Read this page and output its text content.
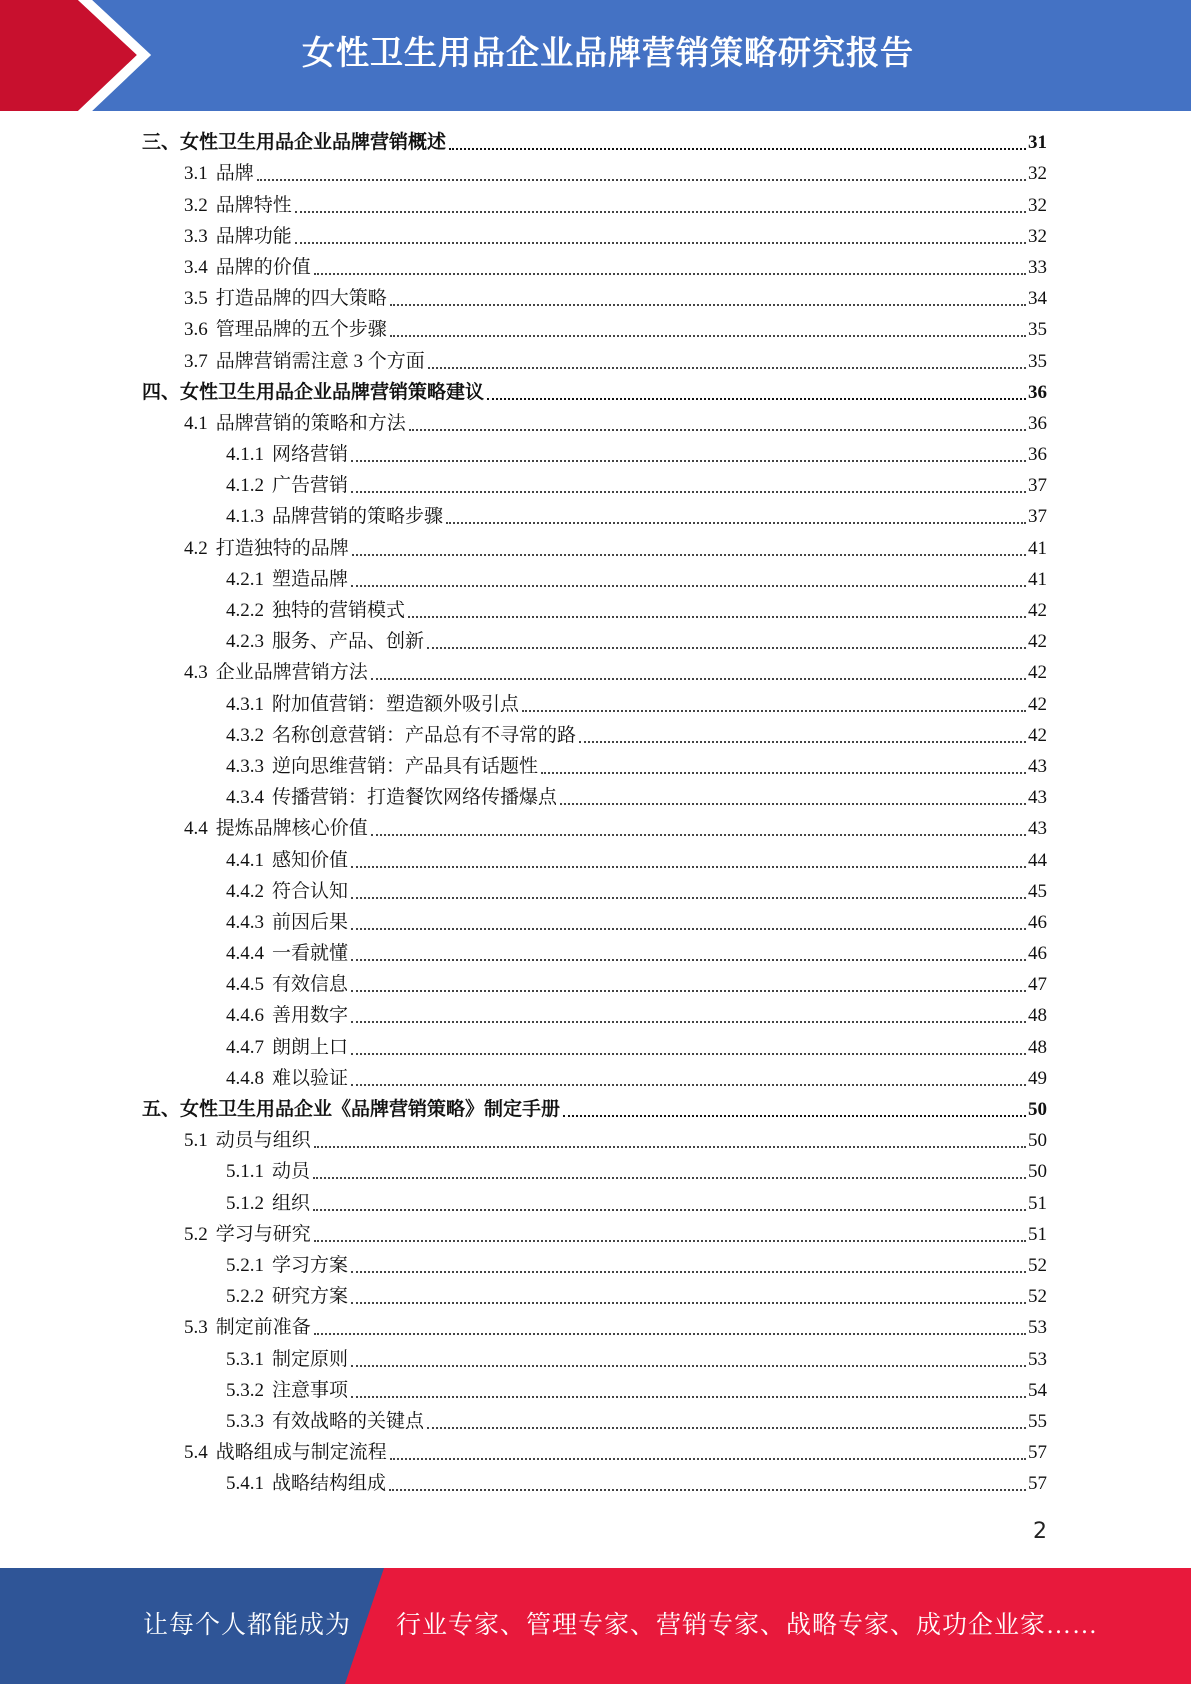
女性卫生用品企业品牌营销策略研究报告
三、女性卫生用品企业品牌营销概述	31
3.1 品牌	32
3.2 品牌特性	32
3.3 品牌功能	32
3.4 品牌的价值	33
3.5 打造品牌的四大策略	34
3.6 管理品牌的五个步骤	35
3.7 品牌营销需注意 3 个方面	35
四、女性卫生用品企业品牌营销策略建议	36
4.1 品牌营销的策略和方法	36
4.1.1 网络营销	36
4.1.2 广告营销	37
4.1.3 品牌营销的策略步骤	37
4.2 打造独特的品牌	41
4.2.1 塑造品牌	41
4.2.2 独特的营销模式	42
4.2.3 服务、产品、创新	42
4.3 企业品牌营销方法	42
4.3.1 附加值营销：塑造额外吸引点	42
4.3.2 名称创意营销：产品总有不寻常的路	42
4.3.3 逆向思维营销：产品具有话题性	43
4.3.4 传播营销：打造餐饮网络传播爆点	43
4.4 提炼品牌核心价值	43
4.4.1 感知价值	44
4.4.2 符合认知	45
4.4.3 前因后果	46
4.4.4 一看就懂	46
4.4.5 有效信息	47
4.4.6 善用数字	48
4.4.7 朗朗上口	48
4.4.8 难以验证	49
五、女性卫生用品企业《品牌营销策略》制定手册	50
5.1 动员与组织	50
5.1.1 动员	50
5.1.2 组织	51
5.2 学习与研究	51
5.2.1 学习方案	52
5.2.2 研究方案	52
5.3 制定前准备	53
5.3.1 制定原则	53
5.3.2 注意事项	54
5.3.3 有效战略的关键点	55
5.4 战略组成与制定流程	57
5.4.1 战略结构组成	57
2
让每个人都能成为 行业专家、管理专家、营销专家、战略专家、成功企业家……
